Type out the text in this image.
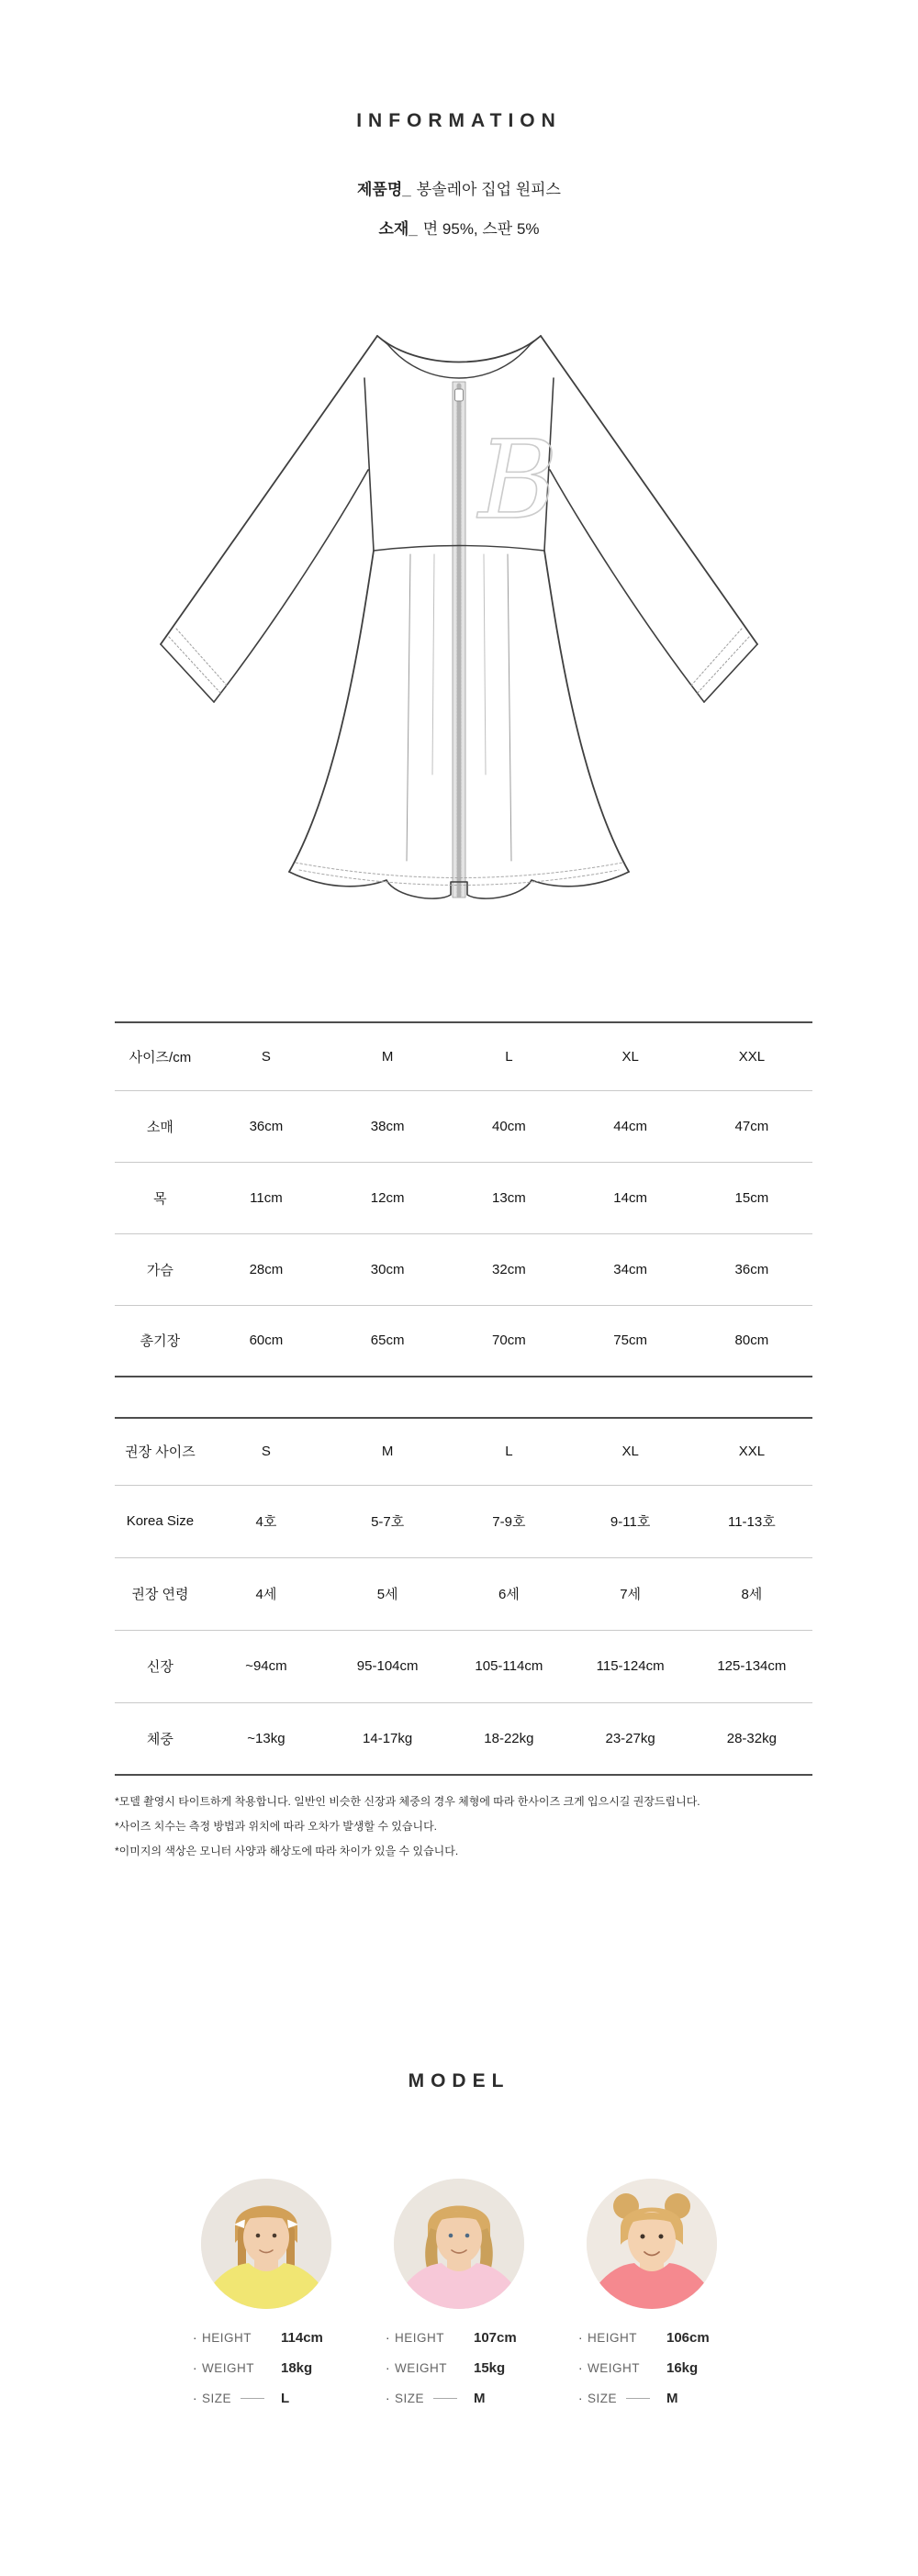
INFORMATION
제품명_ 봉솔레아 집업 원피스
소재_ 면 95%, 스판 5%
B
사이즈/cm	S	M	L	XL	XXL
소매	36cm	38cm	40cm	44cm	47cm
목	11cm	12cm	13cm	14cm	15cm
가슴	28cm	30cm	32cm	34cm	36cm
총기장	60cm	65cm	70cm	75cm	80cm
권장 사이즈	S	M	L	XL	XXL
Korea Size	4호	5-7호	7-9호	9-11호	11-13호
권장 연령	4세	5세	6세	7세	8세
신장	~94cm	95-104cm	105-114cm	115-124cm	125-134cm
체중	~13kg	14-17kg	18-22kg	23-27kg	28-32kg
*모델 촬영시 타이트하게 착용합니다. 일반인 비슷한 신장과 체중의 경우 체형에 따라 한사이즈 크게 입으시길 권장드립니다.
*사이즈 치수는 측정 방법과 위치에 따라 오차가 발생할 수 있습니다.
*이미지의 색상은 모니터 사양과 해상도에 따라 차이가 있을 수 있습니다.
MODEL
· HEIGHT	114cm
· WEIGHT	18kg
· SIZE	L
· HEIGHT	107cm
· WEIGHT	15kg
· SIZE	M
· HEIGHT	106cm
· WEIGHT	16kg
· SIZE	M
